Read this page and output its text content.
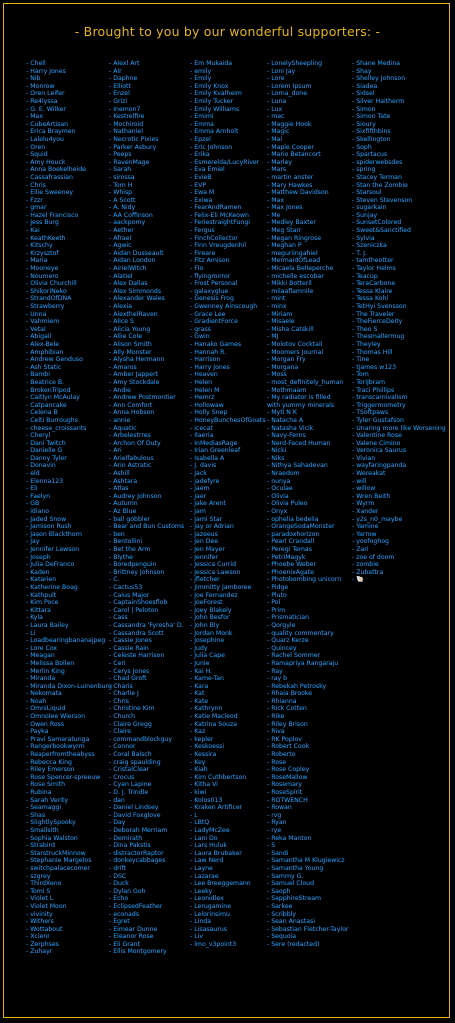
- Brought to you by our wonderful supporters: -
- Chell
- Harry Jones
- Nib
- Monrow
- Oren Leifer
- Re4lyssa
- G. E. Wilker
- Max
- CubeArtisan
- Erica Braymen
- Lalelu4you
- Oren
- Squid
- Amy Houck
- Anna Boekelheide
- Cassafrassian
- Chris
- Ellie Sweeney
- Fzzr
- gmar
- Hazel Francisco
- Jess Burg
- Kai
- KeathKeeth
- Kitschy
- Krzysztof
- Maria
- Mooneye
- Noumero
- Olivia Churchill
- ShikoriNeko
- StrandOfDNA
- Strawberry
- Unna
- Vahmiem
- Vetal
- Abigail
- Alex-Bele
- Amphibian
- Andrew Genduso
- Ash Static
- Bambi
- Beatrice B.
- BrokenTripod
- Caitlyn McAulay
- Catpancake
- Celena B
- Celti Burroughs
- cheese_croissants
- Cheryl
- Dani Twitch
- Danielle G
- Danny Tyler
- Donavin
- eld
- Elenna123
- Eli
- Faelyn
- GB
- idiano
- Jaded Snow
- Jamison Rush
- Jason Blackthorn
- Jay
- Jennifer Lawson
- Joseph
- Julia DeFranco
- Kaden
- Katarien
- Katherine Boag
- Kathpult
- Kim Poce
- Kittara
- Kyla
- Laura Bailey
- Li
- Loadbearingbananajpeg
- Lore Cox
- Meagan
- Melissa Bollen
- Merlin King
- Miranda
- Miranda Dixon-Luinenburg
- Nekomata
- Noah
- OmniLiquid
- Omnolee Wierson
- Owen Ross
- Payka
- Pravi Samaratunga
- Rangerbookwyrm
- Reaperfromtheabyss
- Rebecca King
- Riley Emerson
- Rose Spencer-spreeuw
- Rose Smith
- Rubina
- Sarah Verity
- Seamaggi
- Shas
- SlightlySpooky
- Smallsith
- Sophia Walston
- Strabird
- StarstruckMinnow
- Stephanie Margelos
- switchpalacecomer
- szgrey
- ThirdXeno
- Tomi S
- Violet L
- Violet Moon
- vivinity
- Withers
- Wottabout
- Xcienr
- Zerphses
- Zuhayr
- Alexl Art
- Alr
- Daphne
- Elliott
- Enzel
- Grizi
- Inemon7
- Kestrelfire
- Mochiroid
- Nathaniel
- Necrotic Pixies
- Parker Asbury
- Peeps
- RavenMage
- Sarah
- sirossa
- Tom H
- Whisp
- A Scott
- A. Nidy
- AA Coffinson
- aackpomy
- Aether
- Afrael
- Agwic
- Aidan Dusseault
- Aidan London
- AirielWitch
- Alatiel
- Alex Dallas
- Alex Simmonds
- Alexander Wales
- Alexia
- AlexthelRaven
- Alice S
- Alicia Young
- Allie Cole
- Alison Smith
- Ally Monster
- Alysha Hermann
- Amaros
- Amber Jappert
- Amy Stockdale
- Andie
- Andrew Postmontier
- Ann Comfort
- Anna Hobson
- annie
- Aquatic
- Arbelestrres
- Archon Of Duty
- Ari
- Arielfabulous
- Arin Astratic
- Ashill
- Ashtara
- Atlas
- Audrey Johnson
- Autumn
- Az Blue
- ball gobbler
- Bear and Bun Customs
- ben
- Bentollini
- Bet the Arm
- Blythe
- Boredpenguin
- Brittney Johnson
- C.
- Cactus53
- Caius Major
- CaptainShoesflob
- Carol | Peloton
- Cass
- Cassandra 'Fyresha' D.
- Cassandra Scott
- Cassie Jones
- Cassie Rain
- Celeste Harrison
- Ceri
- Cerys Jones
- Chad Groft
- Charis
- Charlie J
- Chris
- Christine Kim
- Church
- Claire Gregg
- Claire
- commandblockguy
- Connor
- Coral Balsch
- craig spaulding
- CristalClear
- Crocus
- Cyan Lapine
- D. J. Trindle
- dan
- Daniel Lindsey
- David Foxglove
- Day
- Deborah Merriam
- Demirath
- Dina Pakstis
- distractorRaptor
- donkeycabbages
- drift
- DSC
- Duck
- Dylan Goh
- Echo
- EclipsedFeather
- econads
- Egret
- Eimear Dunne
- Eleanor Rose
- Eli Grant
- Ellis Montgomery
- Em Mukaida
- emily
- Emily
- Emily Knox
- Emily Kvalheim
- Emily Tucker
- Emily Williams
- Emimi
- Emma
- Emma Arnholt
- Epzel
- Eric Johnson
- Erika
- Esmerelda/LucyRiver
- Eva Emiel
- EvieB
- EVP
- Ewa M
- Exiwa
- FearAndRamen
- Felix-Eli McKeown
- FeriestraightFungi
- Fergus
- FinchCollector
- Finn Vreugdenhil
- Fireare
- Fitz Amison
- Flo
- flyingmirror
- Frost Personal
- galaxyglue
- Genesis Frog
- Gwenney Ainscough
- Grace Lee
- GradientForce
- grass
- Gwin
- Hanako Games
- Hannah R.
- Harrison
- Harry Jones
- Heaven
- Helen
- Helen M
- Hemrz
- Hollowaw
- Holly Snep
- HoneyBunchesOfGoats
- icecat
- Ilaeria
- InMediasRage
- Irian Greenleaf
- Isabella A
- J. davis
- Jack
- jadefyre
- jaem
- Jaer
- Jake Arent
- Jam
- Jami Star
- Jay or Adrian
- Jazeeus
- Jen Dee
- Jen Mayer
- Jennifer
- Jessica Currid
- Jessica Lawson
- jfletcher
- Jimmitty Jamboree
- Joe Fernandez
- JoeForest
- Joey Blakely
- John Besfor
- John Bly
- Jordan Monk
- Josephine
- Judy
- Julia Cape
- Junie
- Kai H.
- Kame-Tan
- Kara
- Kat
- Kate
- Kathrynn
- Katie Macleod
- Katrina Souza
- Kaz
- kepler
- Keskoessi
- Kessira
- Key
- Kiah
- Kim Cuthbertson
- Kitha Vi
- kiwi
- Kolos013
- Kraken Artificer
- L
- LBtQ
- LadyMcZee
- Lani Do
- Lars Huluk
- Laura Brubaker
- Law Nerd
- Layne
- Lazarae
- Lee Breeggemann
- Leeky
- Leonidlex
- Lerugamine
- Lelorinsimu
- Linda
- Lisasaurus
- Liv
- lmo_v3point3
- LonelySheepling
- Loni Jay
- Lore
- Lorem Ipsum
- Lorna_done
- Luna
- Lux
- mac
- Maggie Hook
- Magic
- Mai
- Maple Cooper
- Mario Betancort
- Marley
- Mars
- martin anster
- Mary Hawkes
- Matthew Davidson
- Max
- Max Jones
- Me
- Medley Baxter
- Meg Starr
- Megan Ringrose
- Meghan P
- meguriingahiel
- MermaidOfLead
- Micaela Belleperche
- michelle escobar
- Mikki Botteril
- milaaflamnile
- mint
- minx
- Miriam
- Misaele
- Misha Catskill
- MJ
- Molotov Cocktail
- Moomers Journal
- Morgan Fry
- Morgana
- Moss
- most_definitely_human
- Mothmaam
- My radiator is filled
with yummy minerals
- Myti N K
- Natacha A
- Natasha Vicik
- Navy-Ferns
- Nerd-Faced Human
- Nicki
- Niks
- Nithya Sahadevan
- Nraedom
- nunya
- Oculae
- Olivia
- Olivia Puleo
- Onyx
- ophelia bedelia
- OrangeSodaMonster
- paradoxhorizon
- Pearl Crandall
- Peregi Temas
- PetriMagyk
- Phoebe Weber
- PhoenixAgate
- Photobombing unicorn
- Pidge
- Pluto
- Pol
- Prim
- Prismatician
- Qorgyle
- quality commentary
- Quarz Kerze
- Quincey
- Rachel Sommer
- Ramapriya Rangaraju
- Ray
- ray b
- Rebekah Petrosky
- Rhaia Brooke
- Rhianna
- Rick Cotten
- Rike
- Riley Brison
- Riva
- RK Poplov
- Robert Cook
- Roberto
- Rose
- Rose Copley
- RoseMallow
- Rosemary
- RoseSpirit
- ROTWENCH
- Rowan
- rvg
- Ryan
- rye
- Reka Manton
- S
- Sandi
- Samantha M Klugiewicz
- Samantha Young
- Sammy G.
- Samuel Cloud
- Saoph
- SapphireStream
- Sarkee
- Scribbly
- Sean Anastasi
- Sebastian Fletcher-Taylor
- Sequoia
- Sere (redacted)
- Shane Medina
- Shay
- Shelley Johnson
- Siadea
- Sidsel
- Silver Haitherm
- Simon
- Simon Tate
- Sioury
- Sixfifthbins
- Skellington
- Soph
- Spartacus
- spiderwebsdes
- spring
- Stacey Terman
- Stan the Zombie
- Starsoul
- Steven Stevenson
- sugarkain
- Sunjay
- SunsetColored
- Sweet&Sanctified
- Sylvia
- Szeniczka
- T. J.
- tamtheotter
- Taylor Helms
- Teacup
- TeraCarbone
- Tessa Klaire
- Tessa Kohl
- TetHyi Svensson
- The Traveler
- TheFierceDeity
- Theo S
- Thesmallermug
- Theyley
- Thomas Hill
- Tine
- tjames w123
- Tom
- ToriJbram
- Traci Phillips
- transcarnivalism
- Triggermometry
- TSoftpaws
- Tyler Gustafson
- Unaring more like Worsening
- Valentine Rose
- Valene Cimino
- Veronica Saurus
- Vivian
- wayfaringpanda
- Wereakat
- will
- willow
- Wren Beith
- Wyrm
- Xander
- y2s_n0_maybe
- Yamine
- Yarrow
- yoofoghog
- Zari
- zoe of doom
- zombie
- Zubattra
- 🐚
